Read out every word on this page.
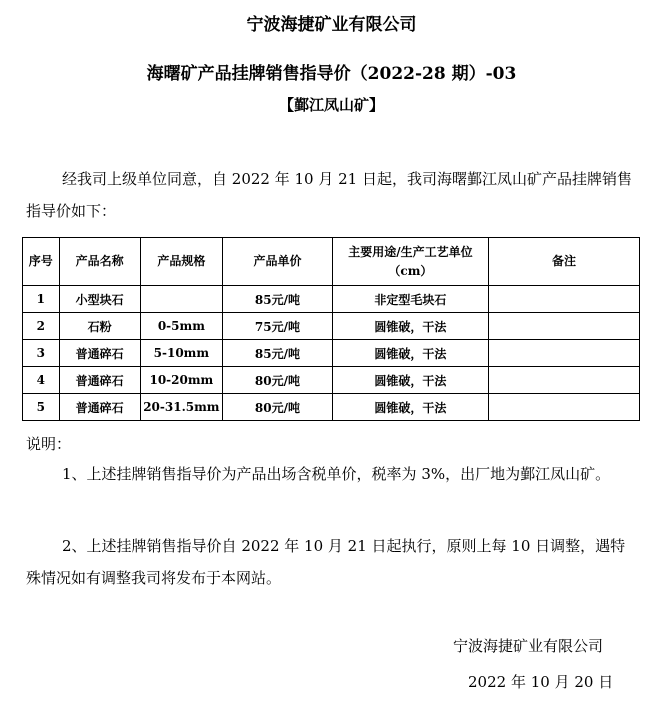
宁波海捷矿业有限公司
海曙矿产品挂牌销售指导价（2022-28 期）-03
【鄞江凤山矿】

经我司上级单位同意，自 2022 年 10 月 21 日起，我司海曙鄞江凤山矿产品挂牌销售指导价如下：

序号	产品名称	产品规格	产品单价	主要用途/生产工艺单位（cm）	备注
1	小型块石		85元/吨	非定型毛块石	
2	石粉	0-5mm	75元/吨	圆锥破，干法	
3	普通碎石	5-10mm	85元/吨	圆锥破，干法	
4	普通碎石	10-20mm	80元/吨	圆锥破，干法	
5	普通碎石	20-31.5mm	80元/吨	圆锥破，干法	
说明：

1、上述挂牌销售指导价为产品出场含税单价，税率为 3%，出厂地为鄞江凤山矿。

2、上述挂牌销售指导价自 2022 年 10 月 21 日起执行，原则上每 10 日调整，遇特殊情况如有调整我司将发布于本网站。

宁波海捷矿业有限公司
2022 年 10 月 20 日
